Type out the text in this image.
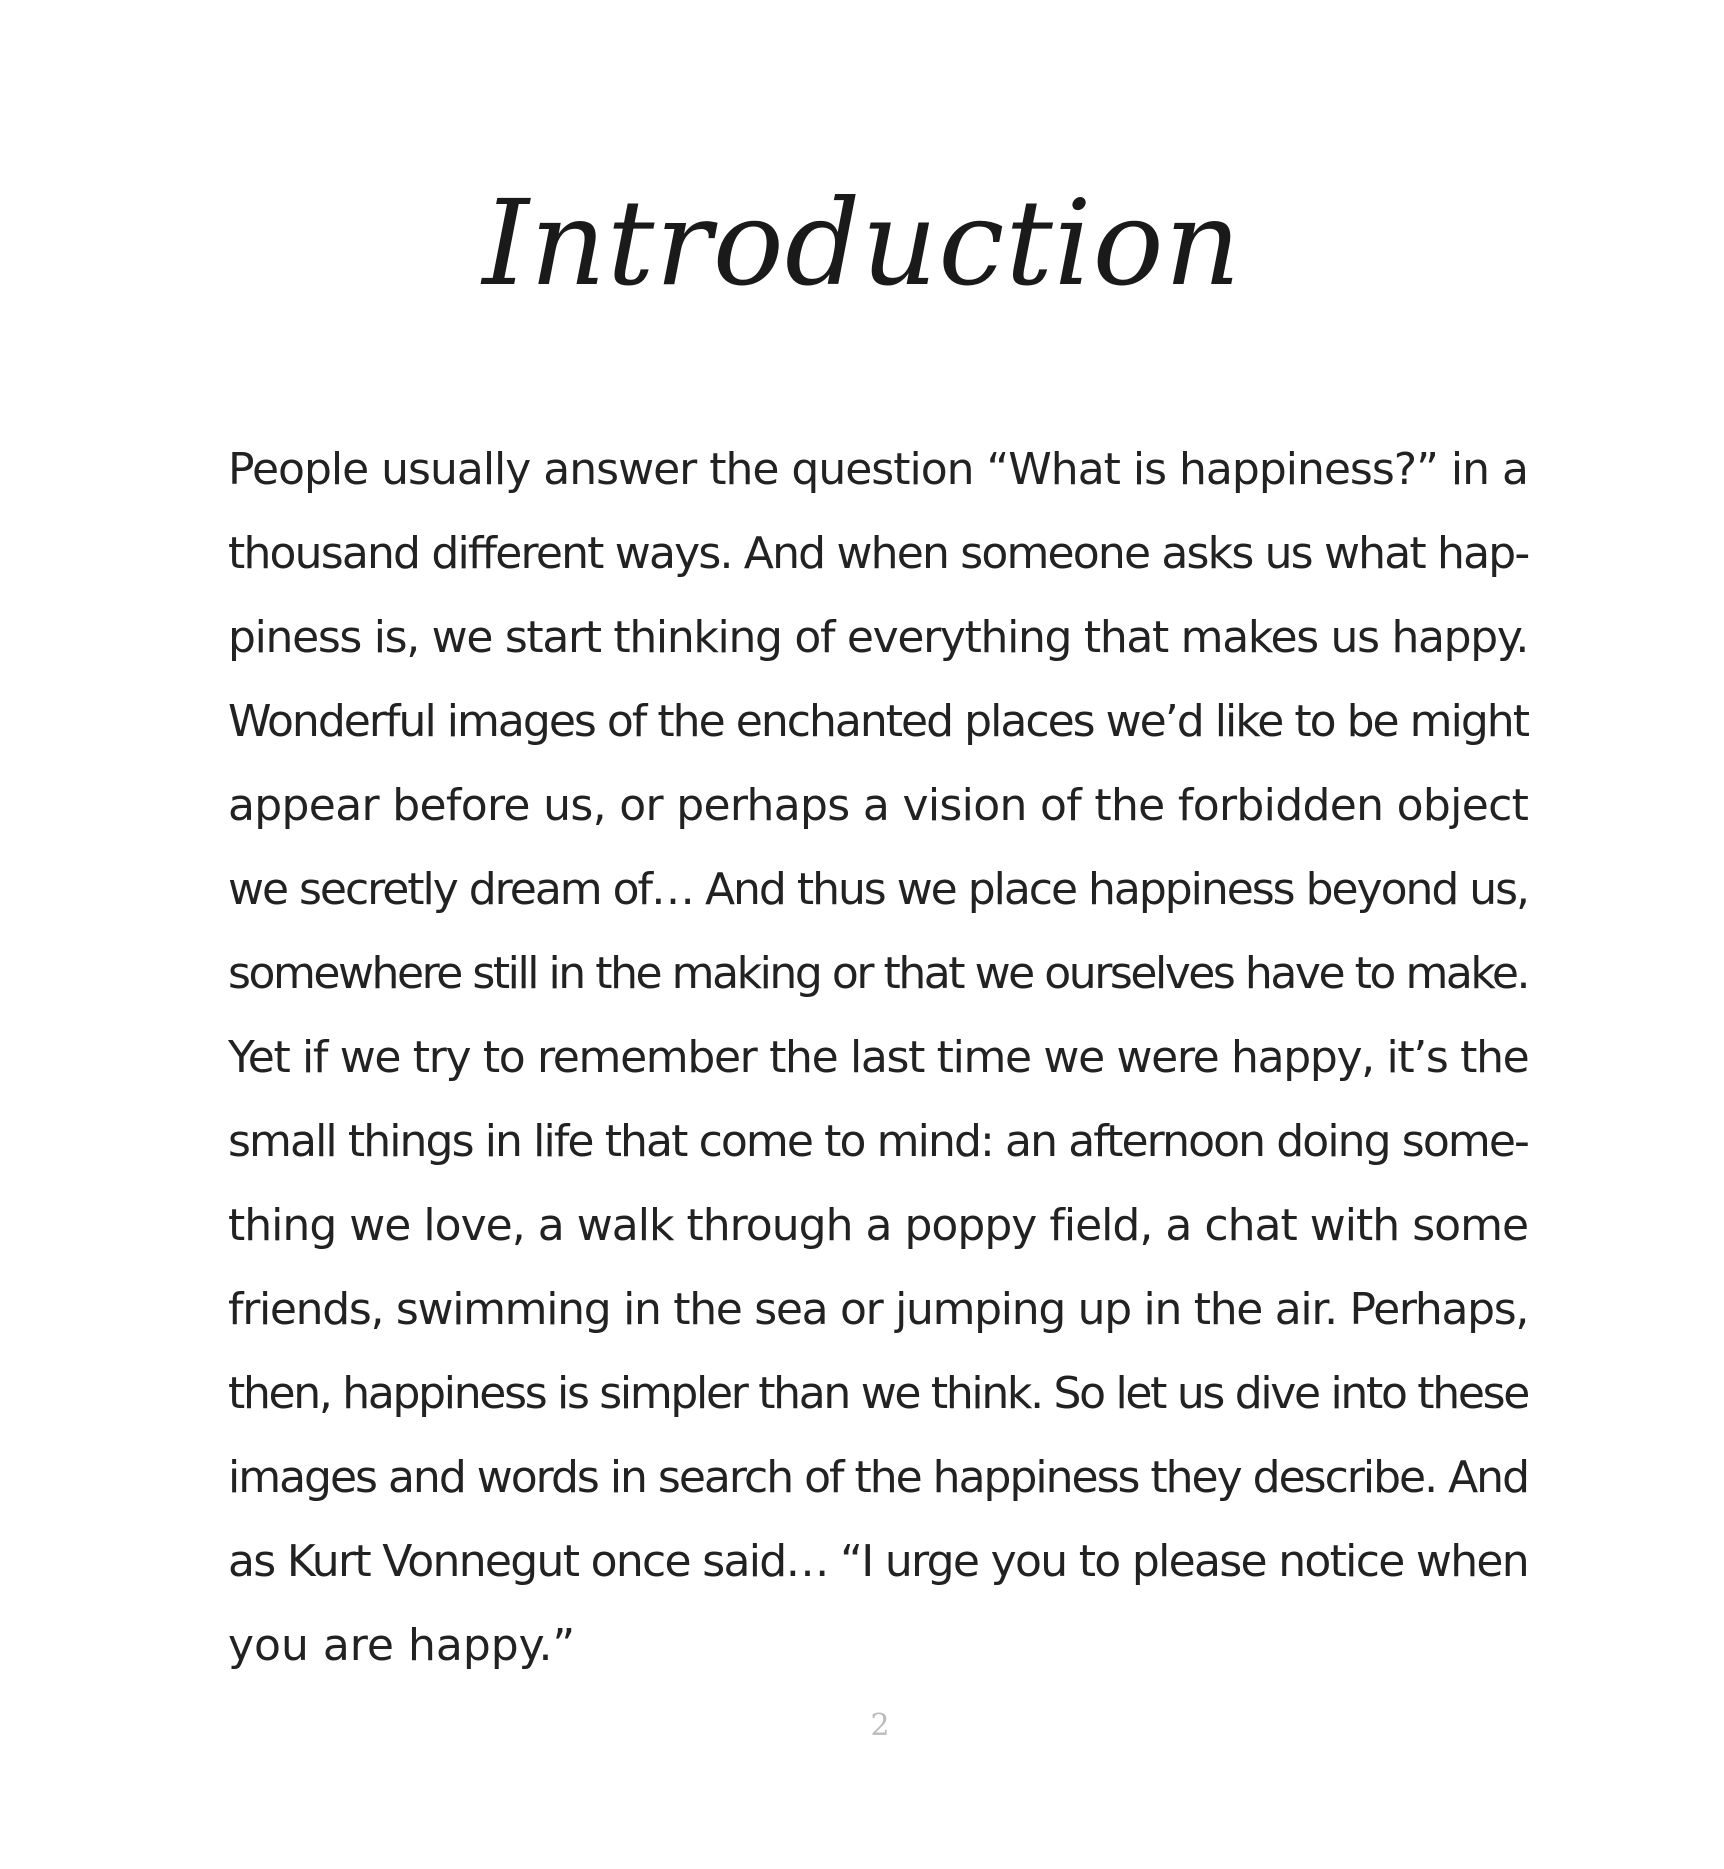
Introduction
People usually answer the question “What is happiness?” in a
thousand different ways. And when someone asks us what hap-
piness is, we start thinking of everything that makes us happy.
Wonderful images of the enchanted places we’d like to be might
appear before us, or perhaps a vision of the forbidden object
we secretly dream of… And thus we place happiness beyond us,
somewhere still in the making or that we ourselves have to make.
Yet if we try to remember the last time we were happy, it’s the
small things in life that come to mind: an afternoon doing some-
thing we love, a walk through a poppy field, a chat with some
friends, swimming in the sea or jumping up in the air. Perhaps,
then, happiness is simpler than we think. So let us dive into these
images and words in search of the happiness they describe. And
as Kurt Vonnegut once said… “I urge you to please notice when
you are happy.”
2
